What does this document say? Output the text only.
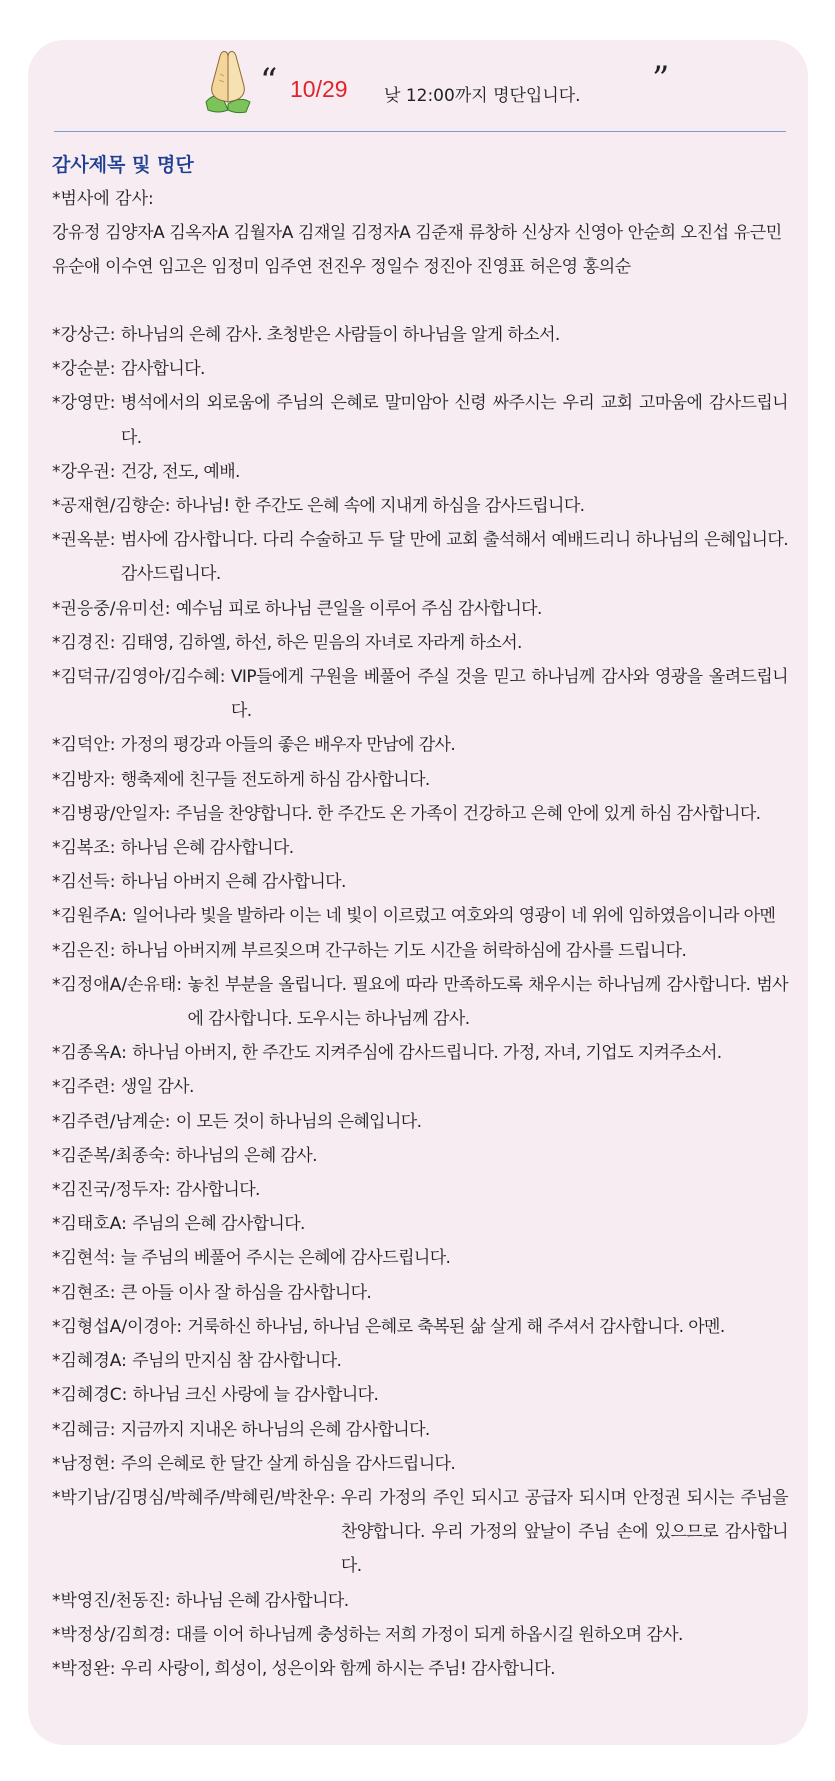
“ 10/29 낮 12:00까지 명단입니다. ”
감사제목 및 명단
*범사에 감사:
강유정 김양자A 김옥자A 김월자A 김재일 김정자A 김준재 류창하 신상자 신영아 안순희 오진섭 유근민
유순애 이수연 임고은 임정미 임주연 전진우 정일수 정진아 진영표 허은영 홍의순
*강상근: 하나님의 은혜 감사. 초청받은 사람들이 하나님을 알게 하소서.
*강순분: 감사합니다.
*강영만: 병석에서의 외로움에 주님의 은혜로 말미암아 신령 싸주시는 우리 교회 고마움에 감사드립니다.
*강우권: 건강, 전도, 예배.
*공재현/김향순: 하나님! 한 주간도 은혜 속에 지내게 하심을 감사드립니다.
*권옥분: 범사에 감사합니다. 다리 수술하고 두 달 만에 교회 출석해서 예배드리니 하나님의 은혜입니다. 감사드립니다.
*권응중/유미선: 예수님 피로 하나님 큰일을 이루어 주심 감사합니다.
*김경진: 김태영, 김하엘, 하선, 하은 믿음의 자녀로 자라게 하소서.
*김덕규/김영아/김수혜: VIP들에게 구원을 베풀어 주실 것을 믿고 하나님께 감사와 영광을 올려드립니다.
*김덕안: 가정의 평강과 아들의 좋은 배우자 만남에 감사.
*김방자: 행축제에 친구들 전도하게 하심 감사합니다.
*김병광/안일자: 주님을 찬양합니다. 한 주간도 온 가족이 건강하고 은혜 안에 있게 하심 감사합니다.
*김복조: 하나님 은혜 감사합니다.
*김선득: 하나님 아버지 은혜 감사합니다.
*김원주A: 일어나라 빛을 발하라 이는 네 빛이 이르렀고 여호와의 영광이 네 위에 임하였음이니라 아멘
*김은진: 하나님 아버지께 부르짖으며 간구하는 기도 시간을 허락하심에 감사를 드립니다.
*김정애A/손유태: 놓친 부분을 올립니다. 필요에 따라 만족하도록 채우시는 하나님께 감사합니다. 범사에 감사합니다. 도우시는 하나님께 감사.
*김종옥A: 하나님 아버지, 한 주간도 지켜주심에 감사드립니다. 가정, 자녀, 기업도 지켜주소서.
*김주련: 생일 감사.
*김주련/남계순: 이 모든 것이 하나님의 은혜입니다.
*김준복/최종숙: 하나님의 은혜 감사.
*김진국/정두자: 감사합니다.
*김태호A: 주님의 은혜 감사합니다.
*김현석: 늘 주님의 베풀어 주시는 은혜에 감사드립니다.
*김현조: 큰 아들 이사 잘 하심을 감사합니다.
*김형섭A/이경아: 거룩하신 하나님, 하나님 은혜로 축복된 삶 살게 해 주셔서 감사합니다. 아멘.
*김혜경A: 주님의 만지심 참 감사합니다.
*김혜경C: 하나님 크신 사랑에 늘 감사합니다.
*김혜금: 지금까지 지내온 하나님의 은혜 감사합니다.
*남정현: 주의 은혜로 한 달간 살게 하심을 감사드립니다.
*박기남/김명심/박혜주/박혜린/박찬우: 우리 가정의 주인 되시고 공급자 되시며 안정권 되시는 주님을 찬양합니다. 우리 가정의 앞날이 주님 손에 있으므로 감사합니다.
*박영진/천동진: 하나님 은혜 감사합니다.
*박정상/김희경: 대를 이어 하나님께 충성하는 저희 가정이 되게 하옵시길 원하오며 감사.
*박정완: 우리 사랑이, 희성이, 성은이와 함께 하시는 주님! 감사합니다.
